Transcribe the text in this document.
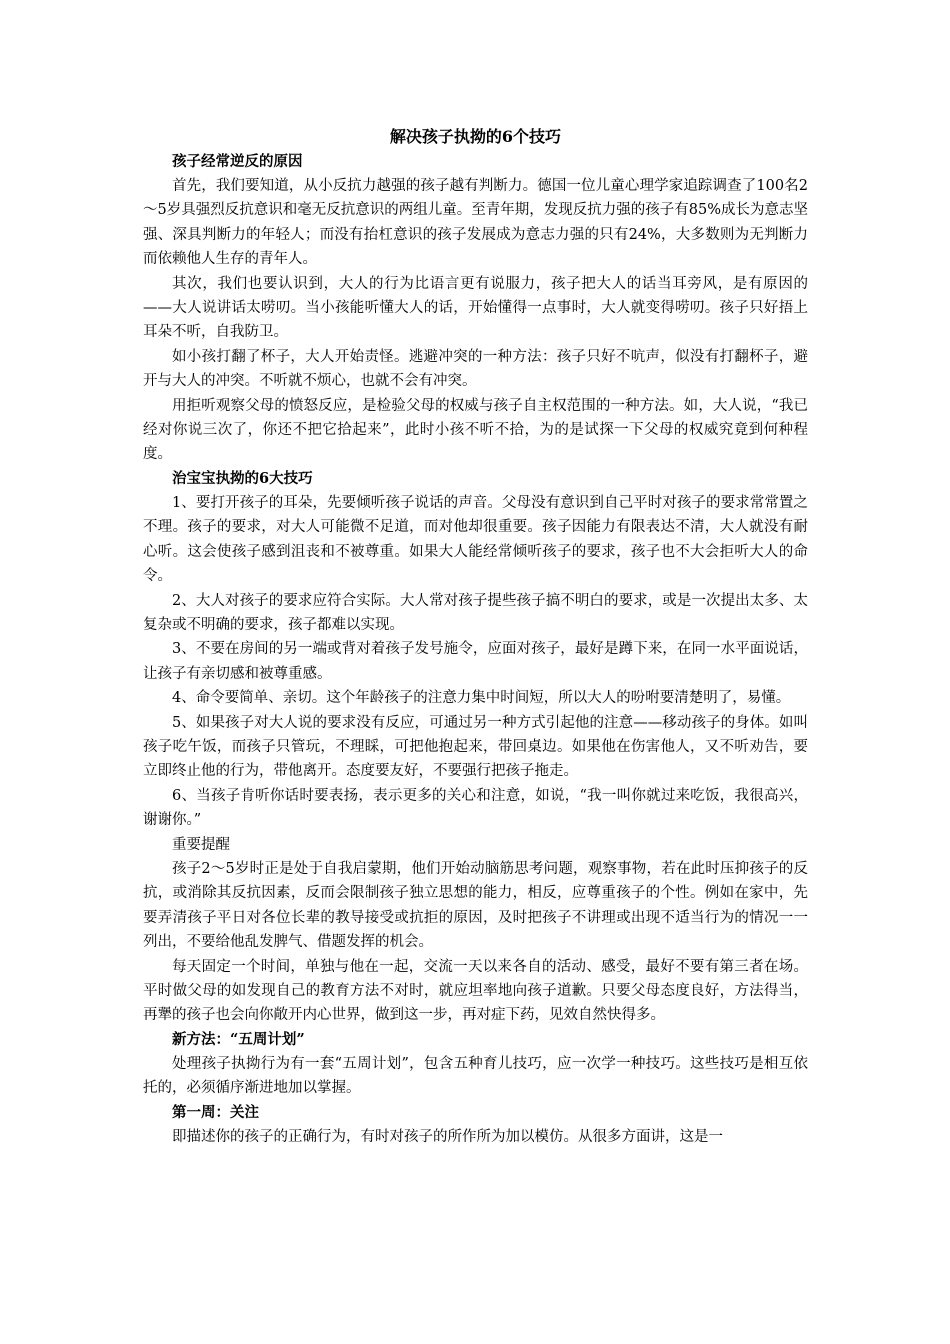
解决孩子执拗的6个技巧
孩子经常逆反的原因

首先，我们要知道，从小反抗力越强的孩子越有判断力。德国一位儿童心理学家追踪调查了100名2～5岁具强烈反抗意识和毫无反抗意识的两组儿童。至青年期，发现反抗力强的孩子有85%成长为意志坚强、深具判断力的年轻人；而没有抬杠意识的孩子发展成为意志力强的只有24%，大多数则为无判断力而依赖他人生存的青年人。

其次，我们也要认识到，大人的行为比语言更有说服力，孩子把大人的话当耳旁风，是有原因的——大人说讲话太唠叨。当小孩能听懂大人的话，开始懂得一点事时，大人就变得唠叨。孩子只好捂上耳朵不听，自我防卫。

如小孩打翻了杯子，大人开始责怪。逃避冲突的一种方法：孩子只好不吭声，似没有打翻杯子，避开与大人的冲突。不听就不烦心，也就不会有冲突。

用拒听观察父母的愤怒反应，是检验父母的权威与孩子自主权范围的一种方法。如，大人说，“我已经对你说三次了，你还不把它拾起来”，此时小孩不听不拾，为的是试探一下父母的权威究竟到何种程度。

治宝宝执拗的6大技巧

1、要打开孩子的耳朵，先要倾听孩子说话的声音。父母没有意识到自己平时对孩子的要求常常置之不理。孩子的要求，对大人可能微不足道，而对他却很重要。孩子因能力有限表达不清，大人就没有耐心听。这会使孩子感到沮丧和不被尊重。如果大人能经常倾听孩子的要求，孩子也不大会拒听大人的命令。

2、大人对孩子的要求应符合实际。大人常对孩子提些孩子搞不明白的要求，或是一次提出太多、太复杂或不明确的要求，孩子都难以实现。

3、不要在房间的另一端或背对着孩子发号施令，应面对孩子，最好是蹲下来，在同一水平面说话，让孩子有亲切感和被尊重感。

4、命令要简单、亲切。这个年龄孩子的注意力集中时间短，所以大人的吩咐要清楚明了，易懂。

5、如果孩子对大人说的要求没有反应，可通过另一种方式引起他的注意——移动孩子的身体。如叫孩子吃午饭，而孩子只管玩，不理睬，可把他抱起来，带回桌边。如果他在伤害他人，又不听劝告，要立即终止他的行为，带他离开。态度要友好，不要强行把孩子拖走。

6、当孩子肯听你话时要表扬，表示更多的关心和注意，如说，“我一叫你就过来吃饭，我很高兴，谢谢你。”

重要提醒

孩子2～5岁时正是处于自我启蒙期，他们开始动脑筋思考问题，观察事物，若在此时压抑孩子的反抗，或消除其反抗因素，反而会限制孩子独立思想的能力，相反，应尊重孩子的个性。例如在家中，先要弄清孩子平日对各位长辈的教导接受或抗拒的原因，及时把孩子不讲理或出现不适当行为的情况一一列出，不要给他乱发脾气、借题发挥的机会。

每天固定一个时间，单独与他在一起，交流一天以来各自的活动、感受，最好不要有第三者在场。平时做父母的如发现自己的教育方法不对时，就应坦率地向孩子道歉。只要父母态度良好，方法得当，再犟的孩子也会向你敞开内心世界，做到这一步，再对症下药，见效自然快得多。

新方法：“五周计划”

处理孩子执拗行为有一套“五周计划”，包含五种育儿技巧，应一次学一种技巧。这些技巧是相互依托的，必须循序渐进地加以掌握。

第一周：关注

即描述你的孩子的正确行为，有时对孩子的所作所为加以模仿。从很多方面讲，这是一
